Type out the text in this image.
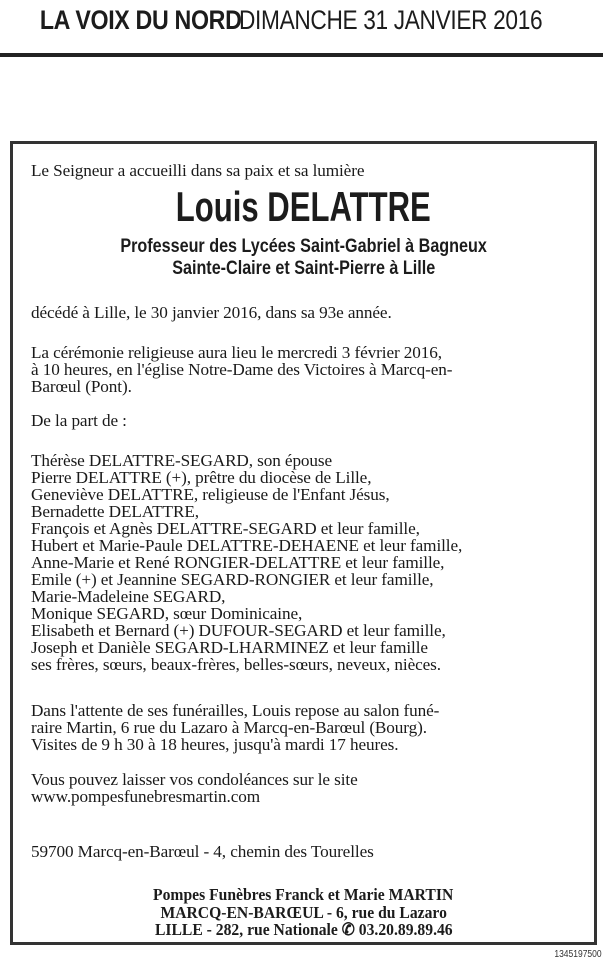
LA VOIX DU NORD DIMANCHE 31 JANVIER 2016

Le Seigneur a accueilli dans sa paix et sa lumière

Louis DELATTRE
Professeur des Lycées Saint-Gabriel à Bagneux
Sainte-Claire et Saint-Pierre à Lille

décédé à Lille, le 30 janvier 2016, dans sa 93e année.

La cérémonie religieuse aura lieu le mercredi 3 février 2016,
à 10 heures, en l'église Notre-Dame des Victoires à Marcq-en-
Barœul (Pont).

De la part de :

Thérèse DELATTRE-SEGARD, son épouse
Pierre DELATTRE (+), prêtre du diocèse de Lille,
Geneviève DELATTRE, religieuse de l'Enfant Jésus,
Bernadette DELATTRE,
François et Agnès DELATTRE-SEGARD et leur famille,
Hubert et Marie-Paule DELATTRE-DEHAENE et leur famille,
Anne-Marie et René RONGIER-DELATTRE et leur famille,
Emile (+) et Jeannine SEGARD-RONGIER et leur famille,
Marie-Madeleine SEGARD,
Monique SEGARD, sœur Dominicaine,
Elisabeth et Bernard (+) DUFOUR-SEGARD et leur famille,
Joseph et Danièle SEGARD-LHARMINEZ et leur famille
ses frères, sœurs, beaux-frères, belles-sœurs, neveux, nièces.
Dans l'attente de ses funérailles, Louis repose au salon funé-
raire Martin, 6 rue du Lazaro à Marcq-en-Barœul (Bourg).
Visites de 9 h 30 à 18 heures, jusqu'à mardi 17 heures.
Vous pouvez laisser vos condoléances sur le site
www.pompesfunebresmartin.com

59700 Marcq-en-Barœul - 4, chemin des Tourelles

Pompes Funèbres Franck et Marie MARTIN
MARCQ-EN-BARŒUL - 6, rue du Lazaro
LILLE - 282, rue Nationale ✆ 03.20.89.89.46
1345197500
